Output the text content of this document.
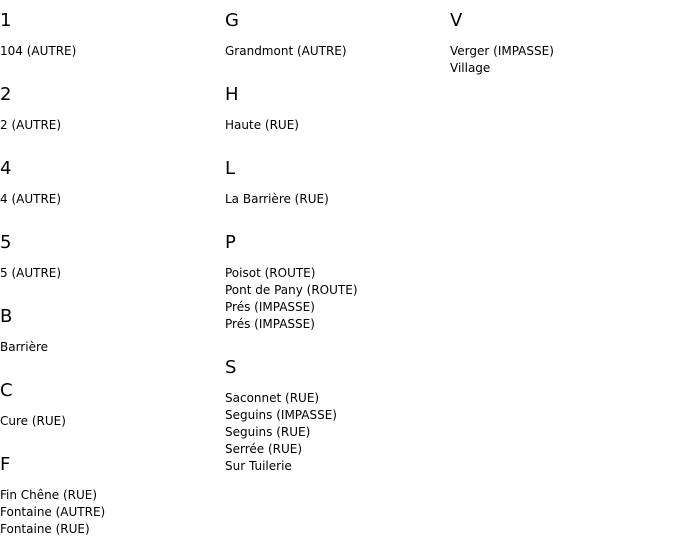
1
104 (AUTRE)
2
2 (AUTRE)
4
4 (AUTRE)
5
5 (AUTRE)
B
Barrière
C
Cure (RUE)
F
Fin Chêne (RUE)
Fontaine (AUTRE)
Fontaine (RUE)
G
Grandmont (AUTRE)
H
Haute (RUE)
L
La Barrière (RUE)
P
Poisot (ROUTE)
Pont de Pany (ROUTE)
Prés (IMPASSE)
Prés (IMPASSE)
S
Saconnet (RUE)
Seguins (IMPASSE)
Seguins (RUE)
Serrée (RUE)
Sur Tuilerie
V
Verger (IMPASSE)
Village
